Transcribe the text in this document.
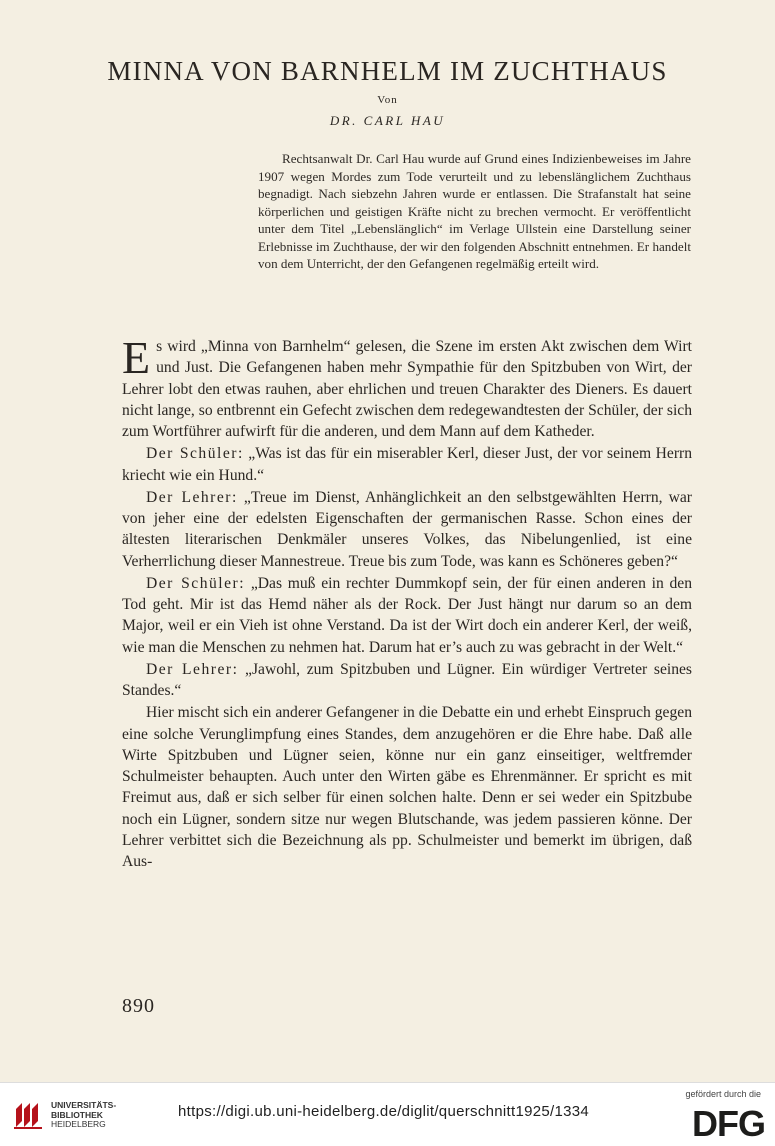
MINNA VON BARNHELM IM ZUCHTHAUS
Von
DR. CARL HAU
Rechtsanwalt Dr. Carl Hau wurde auf Grund eines Indizienbeweises im Jahre 1907 wegen Mordes zum Tode verurteilt und zu lebenslänglichem Zuchthaus begnadigt. Nach siebzehn Jahren wurde er entlassen. Die Strafanstalt hat seine körperlichen und geistigen Kräfte nicht zu brechen vermocht. Er veröffentlicht unter dem Titel „Lebenslänglich“ im Verlage Ullstein eine Darstellung seiner Erlebnisse im Zuchthause, der wir den folgenden Abschnitt entnehmen. Er handelt von dem Unterricht, der den Gefangenen regelmäßig erteilt wird.

Es wird „Minna von Barnhelm“ gelesen, die Szene im ersten Akt zwischen dem Wirt und Just. Die Gefangenen haben mehr Sympathie für den Spitzbuben von Wirt, der Lehrer lobt den etwas rauhen, aber ehrlichen und treuen Charakter des Dieners. Es dauert nicht lange, so entbrennt ein Gefecht zwischen dem redegewandtesten der Schüler, der sich zum Wortführer aufwirft für die anderen, und dem Mann auf dem Katheder.

Der Schüler: „Was ist das für ein miserabler Kerl, dieser Just, der vor seinem Herrn kriecht wie ein Hund.“

Der Lehrer: „Treue im Dienst, Anhänglichkeit an den selbstgewählten Herrn, war von jeher eine der edelsten Eigenschaften der germanischen Rasse. Schon eines der ältesten literarischen Denkmäler unseres Volkes, das Nibelungenlied, ist eine Verherrlichung dieser Mannestreue. Treue bis zum Tode, was kann es Schöneres geben?“

Der Schüler: „Das muß ein rechter Dummkopf sein, der für einen anderen in den Tod geht. Mir ist das Hemd näher als der Rock. Der Just hängt nur darum so an dem Major, weil er ein Vieh ist ohne Verstand. Da ist der Wirt doch ein anderer Kerl, der weiß, wie man die Menschen zu nehmen hat. Darum hat er’s auch zu was gebracht in der Welt.“

Der Lehrer: „Jawohl, zum Spitzbuben und Lügner. Ein würdiger Vertreter seines Standes.“

Hier mischt sich ein anderer Gefangener in die Debatte ein und erhebt Einspruch gegen eine solche Verunglimpfung eines Standes, dem anzugehören er die Ehre habe. Daß alle Wirte Spitzbuben und Lügner seien, könne nur ein ganz einseitiger, weltfremder Schulmeister behaupten. Auch unter den Wirten gäbe es Ehrenmänner. Er spricht es mit Freimut aus, daß er sich selber für einen solchen halte. Denn er sei weder ein Spitzbube noch ein Lügner, sondern sitze nur wegen Blutschande, was jedem passieren könne. Der Lehrer verbittet sich die Bezeichnung als pp. Schulmeister und bemerkt im übrigen, daß Aus-

890
UNIVERSITÄTS-
BIBLIOTHEK
HEIDELBERG
https://digi.ub.uni-heidelberg.de/diglit/querschnitt1925/1334
gefördert durch die
DFG
